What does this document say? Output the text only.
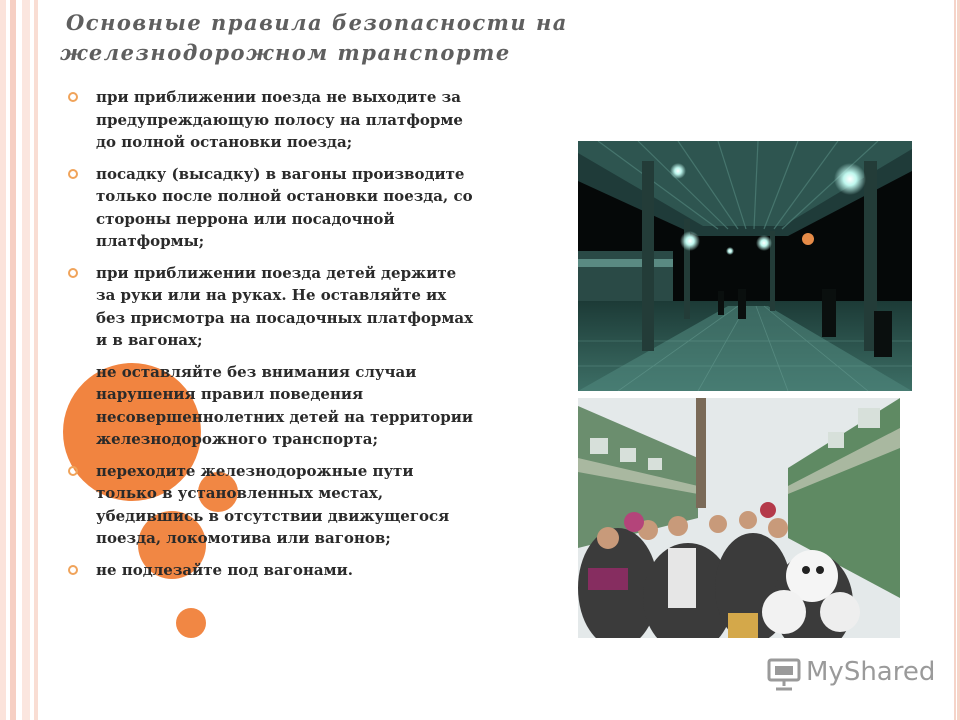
Основные правила безопасности на
железнодорожном транспорте
при приближении поезда не выходите за предупреждающую полосу на платформе до полной остановки поезда;
посадку (высадку) в вагоны производите только после полной остановки поезда, со стороны перрона или посадочной платформы;
при приближении поезда детей держите за руки или на руках. Не оставляйте их без присмотра на посадочных платформах и в вагонах;
не оставляйте без внимания случаи нарушения правил поведения несовершеннолетних детей на территории железнодорожного транспорта;
переходите железнодорожные пути только в установленных местах, убедившись в отсутствии движущегося поезда, локомотива или вагонов;
не подлезайте под вагонами.
MyShared
